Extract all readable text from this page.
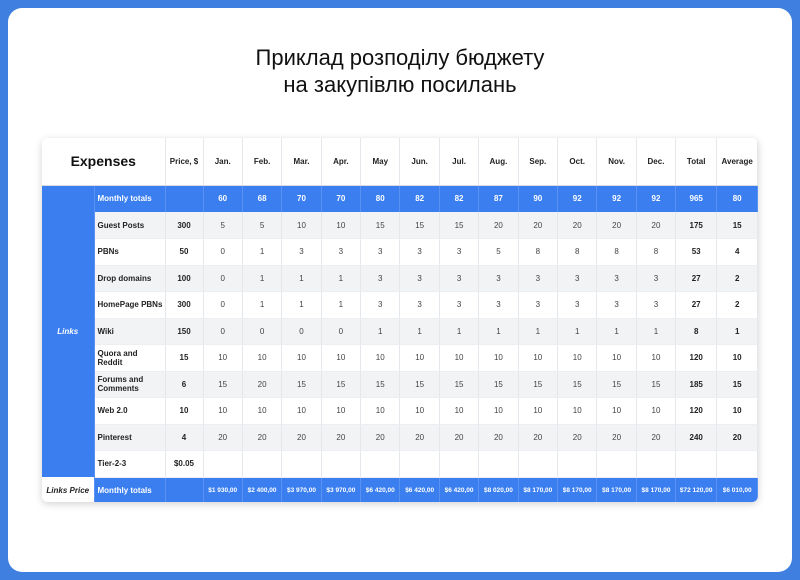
Приклад розподілу бюджету
на закупівлю посилань
Expenses		Price, $	Jan.	Feb.	Mar.	Apr.	May	Jun.	Jul.	Aug.	Sep.	Oct.	Nov.	Dec.	Total	Average
Links	Monthly totals		60	68	70	70	80	82	82	87	90	92	92	92	965	80
	Guest Posts	300	5	5	10	10	15	15	15	20	20	20	20	20	175	15
	PBNs	50	0	1	3	3	3	3	3	5	8	8	8	8	53	4
	Drop domains	100	0	1	1	1	3	3	3	3	3	3	3	3	27	2
	HomePage PBNs	300	0	1	1	1	3	3	3	3	3	3	3	3	27	2
	Wiki	150	0	0	0	0	1	1	1	1	1	1	1	1	8	1
	Quora and Reddit	15	10	10	10	10	10	10	10	10	10	10	10	10	120	10
	Forums and Comments	6	15	20	15	15	15	15	15	15	15	15	15	15	185	15
	Web 2.0	10	10	10	10	10	10	10	10	10	10	10	10	10	120	10
	Pinterest	4	20	20	20	20	20	20	20	20	20	20	20	20	240	20
	Tier-2-3	$0.05														
Links Price	Monthly totals		$1 930,00	$2 400,00	$3 970,00	$3 970,00	$6 420,00	$6 420,00	$6 420,00	$8 020,00	$8 170,00	$8 170,00	$8 170,00	$8 170,00	$72 120,00	$6 010,00
